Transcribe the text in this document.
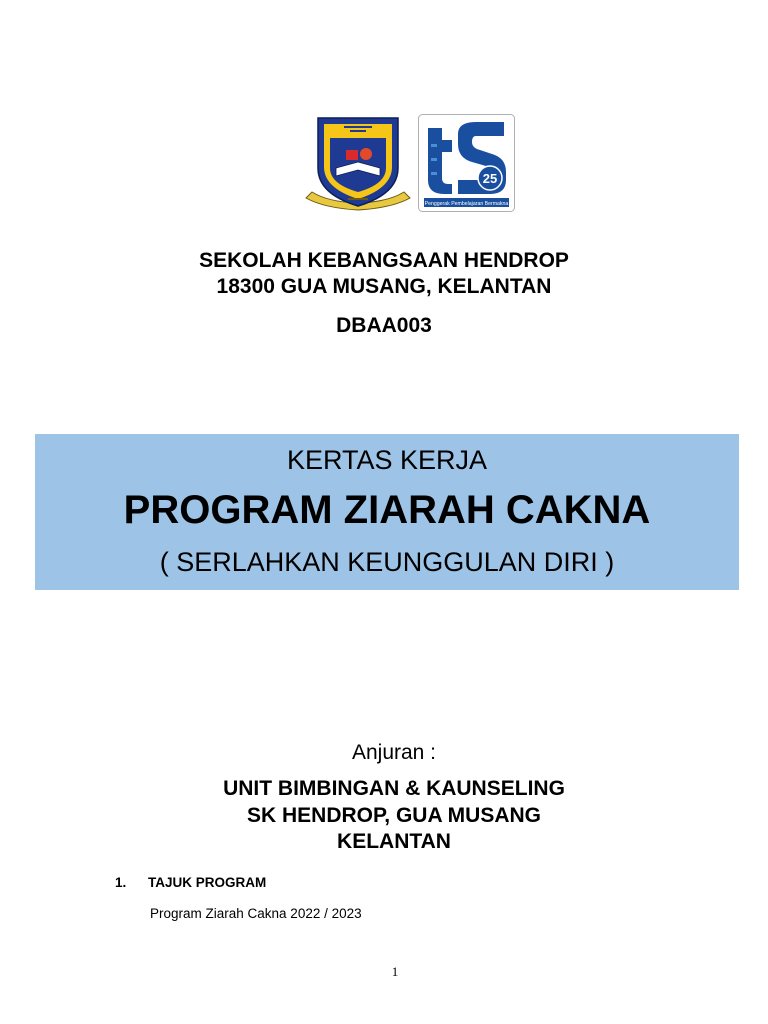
25
Penggerak Pembelajaran Bermakna
SEKOLAH KEBANGSAAN HENDROP
18300 GUA MUSANG, KELANTAN
DBAA003
KERTAS KERJA
PROGRAM ZIARAH CAKNA
( SERLAHKAN KEUNGGULAN DIRI )
Anjuran :
UNIT BIMBINGAN & KAUNSELING
SK HENDROP, GUA MUSANG
KELANTAN
1. TAJUK PROGRAM
Program Ziarah Cakna 2022 / 2023
1
